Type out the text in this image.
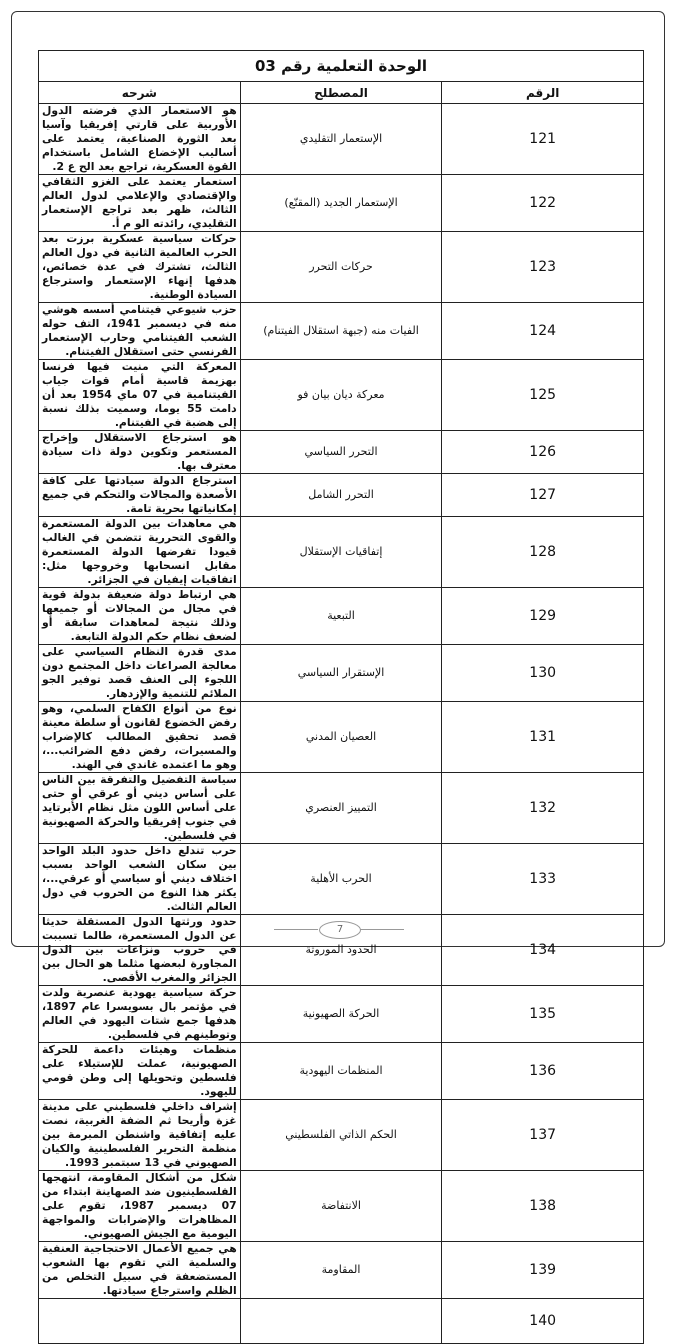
الوحدة التعلمية رقم 03		
الرقم	المصطلح	شرحه
121	الإستعمار التقليدي	هو الاستعمار الذي فرضته الدول الأوربية على قارتي إفريقيا وآسيا بعد الثورة الصناعية، يعتمد على أساليب الإخضاع الشامل باستخدام القوة العسكرية، تراجع بعد الح ع 2.
122	الإستعمار الجديد (المقنّع)	استعمار يعتمد على الغزو الثقافي والإقتصادي والإعلامي لدول العالم الثالث، ظهر بعد تراجع الإستعمار التقليدي، رائدته الو م أ.
123	حركات التحرر	حركات سياسية عسكرية برزت بعد الحرب العالمية الثانية في دول العالم الثالث، تشترك في عدة خصائص، هدفها إنهاء الإستعمار واسترجاع السيادة الوطنية.
124	الفيات منه (جبهة استقلال الفيتنام)	حزب شيوعي فيتنامي أسسه هوشي منه في ديسمبر 1941، التف حوله الشعب الفيتنامي وحارب الإستعمار الفرنسي حتى استقلال الفيتنام.
125	معركة ديان بيان فو	المعركة التي منيت فيها فرنسا بهزيمة قاسية أمام قوات جياب الفيتنامية في 07 ماي 1954 بعد أن دامت 55 يوما، وسميت بذلك نسبة إلى هضبة في الفيتنام.
126	التحرر السياسي	هو استرجاع الاستقلال وإخراج المستعمر وتكوين دولة ذات سيادة معترف بها.
127	التحرر الشامل	استرجاع الدولة سيادتها على كافة الأصعدة والمجالات والتحكم في جميع إمكانياتها بحرية تامة.
128	إتفاقيات الإستقلال	هي معاهدات بين الدولة المستعمرة والقوى التحررية تتضمن في الغالب قيودا تفرضها الدولة المستعمرة مقابل انسحابها وخروجها مثل: اتفاقيات إيفيان في الجزائر.
129	التبعية	هي ارتباط دولة ضعيفة بدولة قوية في مجال من المجالات أو جميعها وذلك نتيجة لمعاهدات سابقة أو لضعف نظام حكم الدولة التابعة.
130	الإستقرار السياسي	مدى قدرة النظام السياسي على معالجة الصراعات داخل المجتمع دون اللجوء إلى العنف قصد توفير الجو الملائم للتنمية والإزدهار.
131	العصيان المدني	نوع من أنواع الكفاح السلمي، وهو رفض الخضوع لقانون أو سلطة معينة قصد تحقيق المطالب كالإضراب والمسيرات، رفض دفع الضرائب...، وهو ما اعتمده غاندي في الهند.
132	التمييز العنصري	سياسة التفضيل والتفرقة بين الناس على أساس ديني أو عرقي أو حتى على أساس اللون مثل نظام الأبرتايد في جنوب إفريقيا والحركة الصهيونية في فلسطين.
133	الحرب الأهلية	حرب تندلع داخل حدود البلد الواحد بين سكان الشعب الواحد بسبب اختلاف ديني أو سياسي أو عرقي...، يكثر هذا النوع من الحروب في دول العالم الثالث.
134	الحدود الموروثة	حدود ورثتها الدول المستقلة حديثا عن الدول المستعمرة، طالما تسببت في حروب ونزاعات بين الدول المجاورة لبعضها مثلما هو الحال بين الجزائر والمغرب الأقصى.
135	الحركة الصهيونية	حركة سياسية يهودية عنصرية ولدت في مؤتمر بال بسويسرا عام 1897، هدفها جمع شتات اليهود في العالم وتوطينهم في فلسطين.
136	المنظمات اليهودية	منظمات وهيئات داعمة للحركة الصهيونية، عملت للإستيلاء على فلسطين وتحويلها إلى وطن قومي لليهود.
137	الحكم الذاتي الفلسطيني	إشراف داخلي فلسطيني على مدينة غزة وأريحا ثم الضفة الغربية، نصت عليه إتفاقية واشنطن المبرمة بين منظمة التحرير الفلسطينية والكيان الصهيوني في 13 سبتمبر 1993.
138	الانتفاضة	شكل من أشكال المقاومة، انتهجها الفلسطينيون ضد الصهاينة ابتداء من 07 ديسمبر 1987، تقوم على المظاهرات والإضرابات والمواجهة اليومية مع الجيش الصهيوني.
139	المقاومة	هي جميع الأعمال الاحتجاجية العنفية والسلمية التي تقوم بها الشعوب المستضعفة في سبيل التخلص من الظلم واسترجاع سيادتها.
140		
7
